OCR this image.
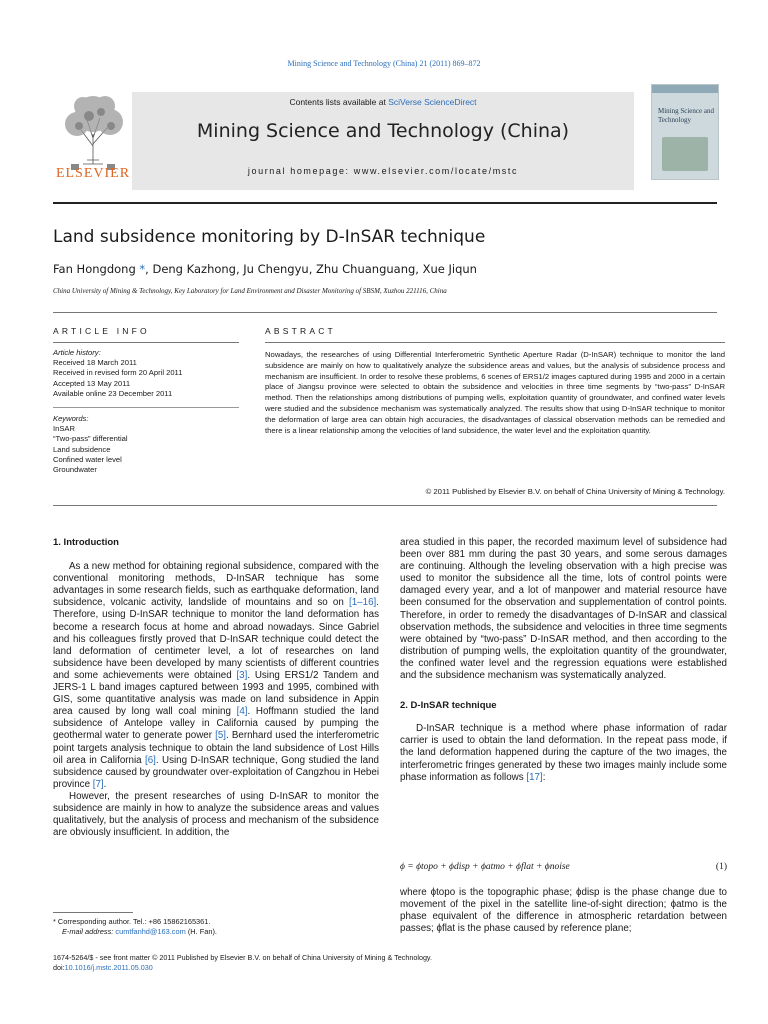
Mining Science and Technology (China) 21 (2011) 869–872
Contents lists available at SciVerse ScienceDirect
Mining Science and Technology (China)
journal homepage: www.elsevier.com/locate/mstc
ELSEVIER
Mining Science and Technology
Land subsidence monitoring by D-InSAR technique
Fan Hongdong *, Deng Kazhong, Ju Chengyu, Zhu Chuanguang, Xue Jiqun
China University of Mining & Technology, Key Laboratory for Land Environment and Disaster Monitoring of SBSM, Xuzhou 221116, China
ARTICLE INFO	ABSTRACT
Article history:
Received 18 March 2011
Received in revised form 20 April 2011
Accepted 13 May 2011
Available online 23 December 2011
Keywords:
InSAR
“Two-pass” differential
Land subsidence
Confined water level
Groundwater
Nowadays, the researches of using Differential Interferometric Synthetic Aperture Radar (D-InSAR) technique to monitor the land subsidence are mainly on how to qualitatively analyze the subsidence areas and values, but the analysis of subsidence process and mechanism are insufficient. In order to resolve these problems, 6 scenes of ERS1/2 images captured during 1995 and 2000 in a certain place of Jiangsu province were selected to obtain the subsidence and velocities in three time segments by “two-pass” D-InSAR method. Then the relationships among distributions of pumping wells, exploitation quantity of groundwater, and confined water levels were studied and the subsidence mechanism was systematically analyzed. The results show that using D-InSAR technique to monitor the deformation of large area can obtain high accuracies, the disadvantages of classical observation methods can be remedied and there is a linear relationship among the velocities of land subsidence, the water level and the exploitation quantity.
© 2011 Published by Elsevier B.V. on behalf of China University of Mining & Technology.

1. Introduction

As a new method for obtaining regional subsidence, compared with the conventional monitoring methods, D-InSAR technique has some advantages in some research fields, such as earthquake deformation, land subsidence, volcanic activity, landslide of mountains and so on [1–16]. Therefore, using D-InSAR technique to monitor the land deformation has become a research focus at home and abroad nowadays. Since Gabriel and his colleagues firstly proved that D-InSAR technique could detect the land deformation of centimeter level, a lot of researches on land subsidence have been developed by many scientists of different countries and some achievements were obtained [3]. Using ERS1/2 Tandem and JERS-1 L band images captured between 1993 and 1995, combined with GIS, some quantitative analysis was made on land subsidence in Appin area caused by long wall coal mining [4]. Hoffmann studied the land subsidence of Antelope valley in California caused by pumping the geothermal water to generate power [5]. Bernhard used the interferometric point targets analysis technique to obtain the land subsidence of Lost Hills oil area in California [6]. Using D-InSAR technique, Gong studied the land subsidence caused by groundwater over-exploitation of Cangzhou in Hebei province [7].

However, the present researches of using D-InSAR to monitor the subsidence are mainly in how to analyze the subsidence areas and values qualitatively, but the analysis of process and mechanism of the subsidence are obviously insufficient. In addition, the

area studied in this paper, the recorded maximum level of subsidence had been over 881 mm during the past 30 years, and some serous damages are continuing. Although the leveling observation with a high precise was used to monitor the subsidence all the time, lots of control points were damaged every year, and a lot of manpower and material resource have been consumed for the observation and supplementation of control points. Therefore, in order to remedy the disadvantages of D-InSAR and classical observation methods, the subsidence and velocities in three time segments were obtained by “two-pass” D-InSAR method, and then according to the distribution of pumping wells, the exploitation quantity of the groundwater, the confined water level and the regression equations were established and the subsidence mechanism was systematically analyzed.

2. D-InSAR technique

D-InSAR technique is a method where phase information of radar carrier is used to obtain the land deformation. In the repeat pass mode, if the land deformation happened during the capture of the two images, the interferometric fringes generated by these two images mainly include some phase information as follows [17]:

ϕ = ϕtopo + ϕdisp + ϕatmo + ϕflat + ϕnoise	(1)

where ϕtopo is the topographic phase; ϕdisp is the phase change due to movement of the pixel in the satellite line-of-sight direction; ϕatmo is the phase equivalent of the difference in atmospheric retardation between passes; ϕflat is the phase caused by reference plane;

* Corresponding author. Tel.: +86 15862165361.
E-mail address: cumtfanhd@163.com (H. Fan).
1674-5264/$ - see front matter © 2011 Published by Elsevier B.V. on behalf of China University of Mining & Technology.
doi:10.1016/j.mstc.2011.05.030
